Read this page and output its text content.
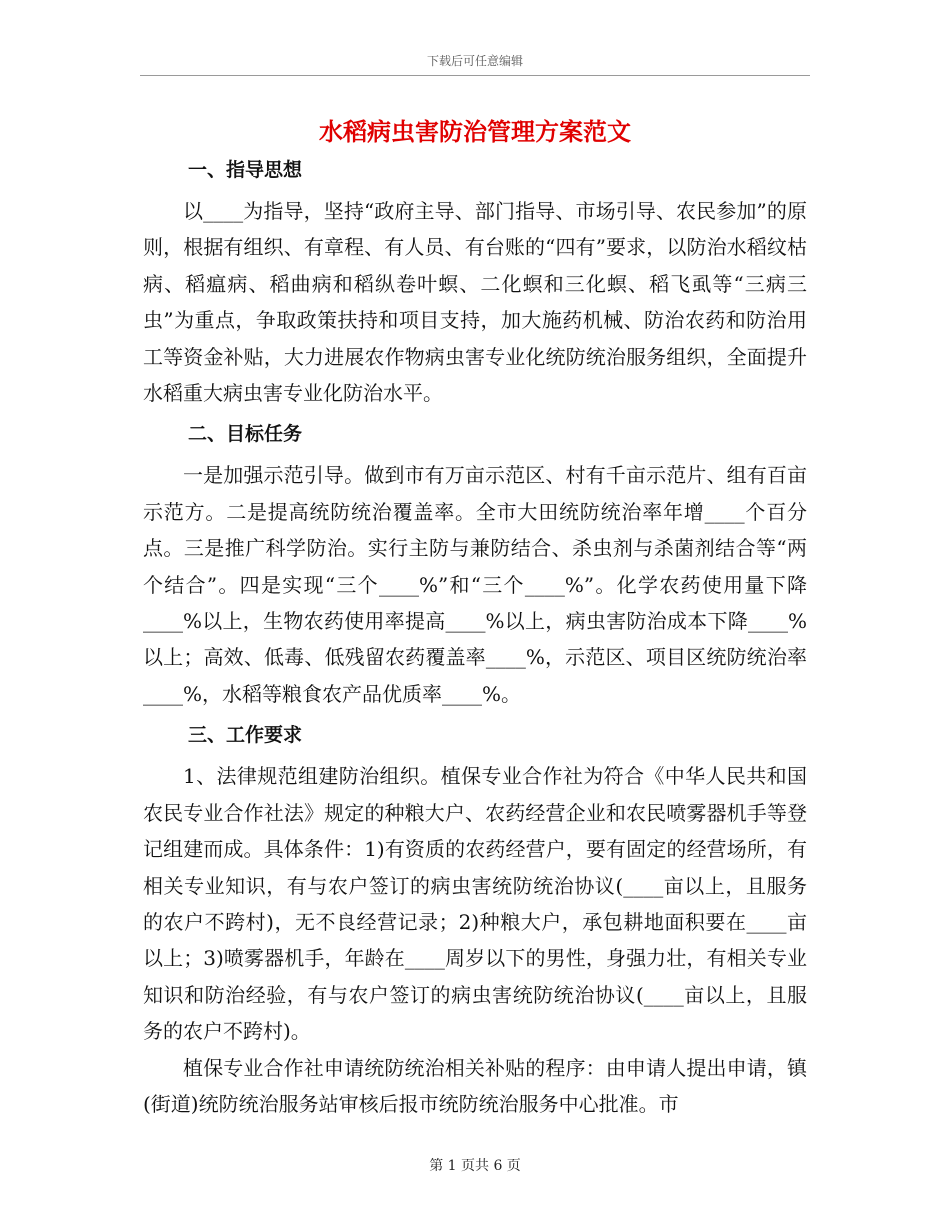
下载后可任意编辑
水稻病虫害防治管理方案范文
一、指导思想

以____为指导，坚持“政府主导、部门指导、市场引导、农民参加”的原则，根据有组织、有章程、有人员、有台账的“四有”要求，以防治水稻纹枯病、稻瘟病、稻曲病和稻纵卷叶螟、二化螟和三化螟、稻飞虱等“三病三虫”为重点，争取政策扶持和项目支持，加大施药机械、防治农药和防治用工等资金补贴，大力进展农作物病虫害专业化统防统治服务组织，全面提升水稻重大病虫害专业化防治水平。

二、目标任务

一是加强示范引导。做到市有万亩示范区、村有千亩示范片、组有百亩示范方。二是提高统防统治覆盖率。全市大田统防统治率年增____个百分点。三是推广科学防治。实行主防与兼防结合、杀虫剂与杀菌剂结合等“两个结合”。四是实现“三个____%”和“三个____%”。化学农药使用量下降____%以上，生物农药使用率提高____%以上，病虫害防治成本下降____%以上；高效、低毒、低残留农药覆盖率____%，示范区、项目区统防统治率____%，水稻等粮食农产品优质率____%。

三、工作要求

1、法律规范组建防治组织。植保专业合作社为符合《中华人民共和国农民专业合作社法》规定的种粮大户、农药经营企业和农民喷雾器机手等登记组建而成。具体条件：1)有资质的农药经营户，要有固定的经营场所，有相关专业知识，有与农户签订的病虫害统防统治协议(____亩以上，且服务的农户不跨村)，无不良经营记录；2)种粮大户，承包耕地面积要在____亩以上；3)喷雾器机手，年龄在____周岁以下的男性，身强力壮，有相关专业知识和防治经验，有与农户签订的病虫害统防统治协议(____亩以上，且服务的农户不跨村)。

植保专业合作社申请统防统治相关补贴的程序：由申请人提出申请，镇(街道)统防统治服务站审核后报市统防统治服务中心批准。市

第 1 页共 6 页
